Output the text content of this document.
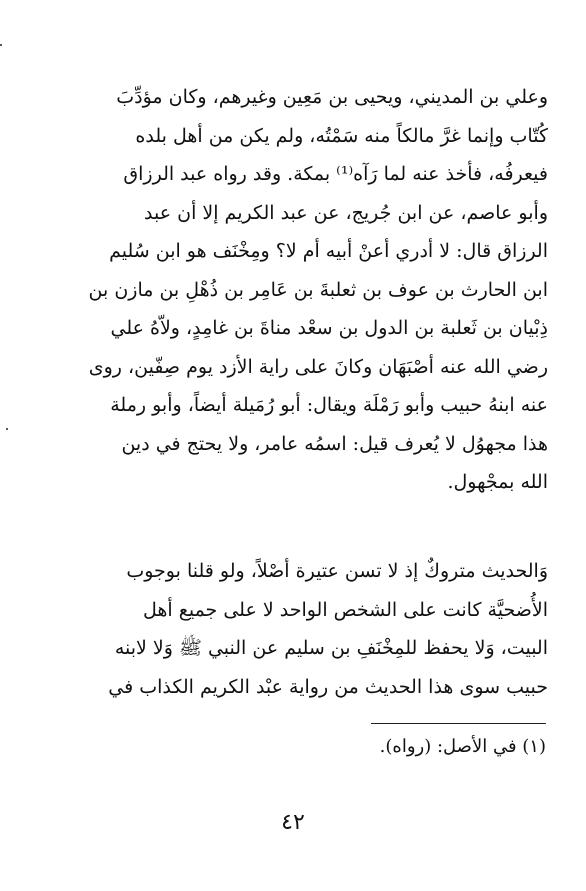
وعلي بن المديني، ويحيى بن مَعِين وغيرهم، وكان مؤدِّبَ
كُتّاب وإنما غرَّ مالكاً منه سَمْتُه، ولم يكن من أهل بلده
فيعرفُه، فأخذ عنه لما رَآه⁽¹⁾ بمكة. وقد رواه عبد الرزاق
وأبو عاصم، عن ابن جُريج، عن عبد الكريم إلا أن عبد
الرزاق قال: لا أدري أعنْ أبيه أم لا؟ ومِخْنَف هو ابن سُليم
ابن الحارث بن عوف بن ثعلبةَ بن عَامِر بن ذُهْلِ بن مازن بن
ذِبْيان بن ثَعلبة بن الدول بن سعْد مناةَ بن غامِدٍ، ولاّهُ علي
رضي الله عنه أصْبَهَان وكانَ على راية الأزد يوم صِفّين، روى
عنه ابنهُ حبيب وأبو رَمْلَة ويقال: أبو رُمَيلة أيضاً، وأبو رملة
هذا مجهوُل لا يُعرف قيل: اسمُه عامر، ولا يحتج في دين
الله بمجْهول.
وَالحديث متروكٌ إذ لا تسن عتيرة أصْلاً، ولو قلنا بوجوب
الأُضحيَّة كانت على الشخص الواحد لا على جميع أهل
البيت، وَلا يحفظ للمِخْنَفِ بن سليم عن النبي ﷺ وَلا لابنه
حبيب سوى هذا الحديث من رواية عبْد الكريم الكذاب في
(١) في الأصل: (رواه).
٤٢
